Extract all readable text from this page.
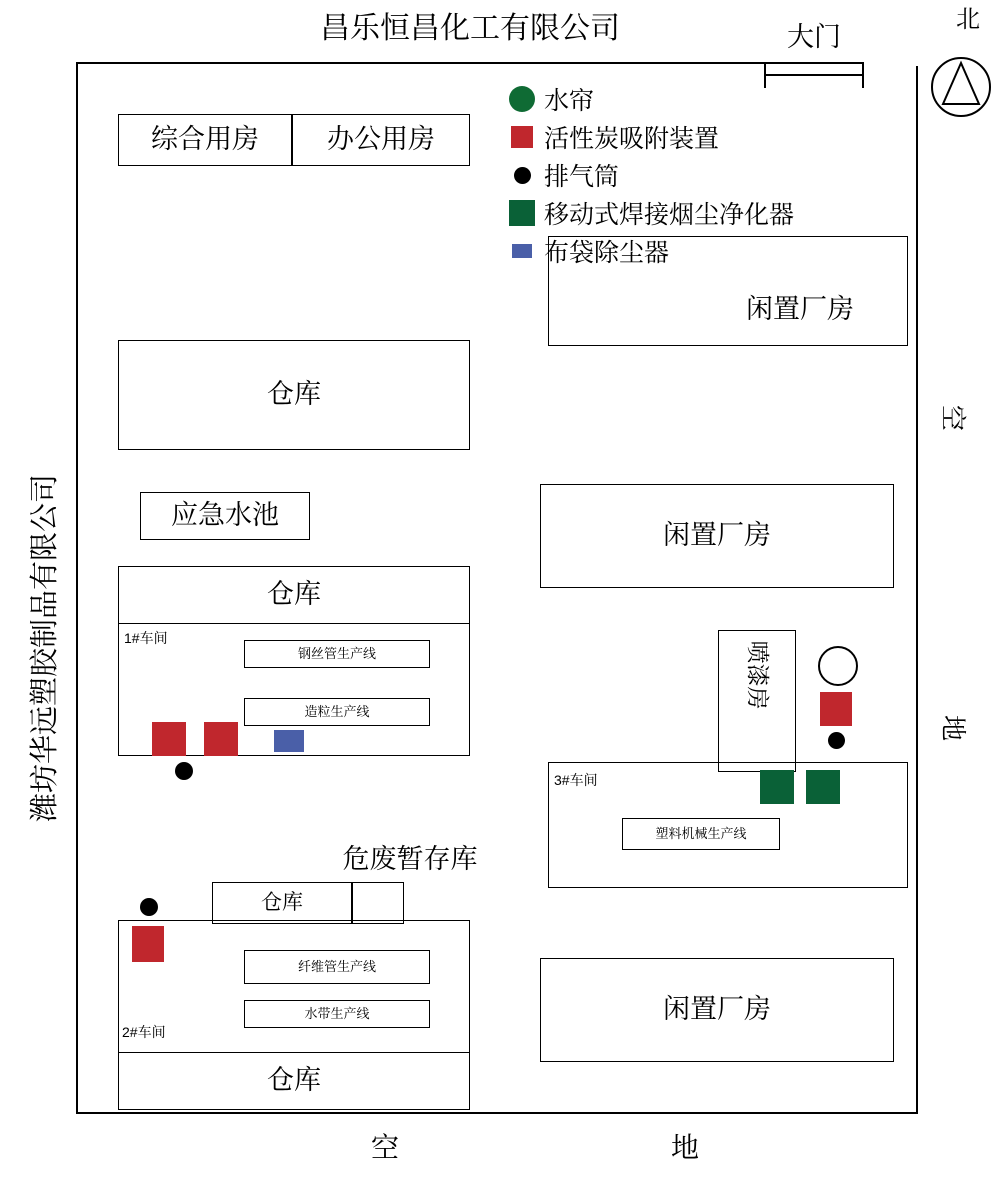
昌乐恒昌化工有限公司	北
潍坊华远塑胶制品有限公司
空
地
空	地
大门
水帘
活性炭吸附装置
排气筒
移动式焊接烟尘净化器
布袋除尘器
综合用房	办公用房
闲置厂房
仓库
应急水池
闲置厂房
仓库
1#车间
钢丝管生产线
造粒生产线
喷漆房
3#车间
塑料机械生产线
危废暂存库
仓库
纤维管生产线
水带生产线
2#车间
仓库
闲置厂房
